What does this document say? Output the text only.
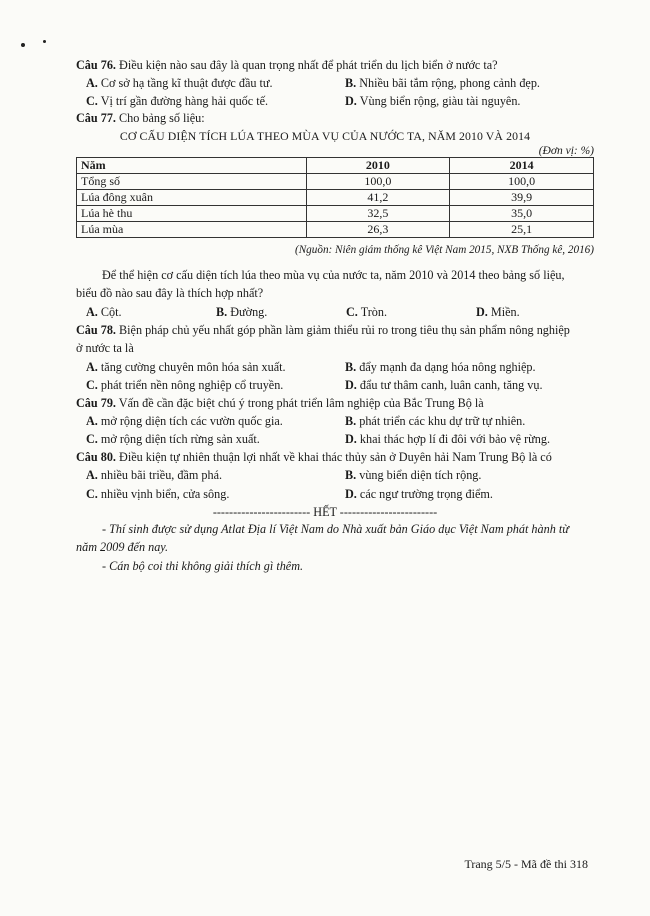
Câu 76. Điều kiện nào sau đây là quan trọng nhất để phát triển du lịch biển ở nước ta?
A. Cơ sở hạ tầng kĩ thuật được đầu tư.	B. Nhiều bãi tắm rộng, phong cảnh đẹp.
C. Vị trí gần đường hàng hải quốc tế.	D. Vùng biển rộng, giàu tài nguyên.
Câu 77. Cho bảng số liệu:
CƠ CẤU DIỆN TÍCH LÚA THEO MÙA VỤ CỦA NƯỚC TA, NĂM 2010 VÀ 2014
(Đơn vị: %)
Năm	2010	2014
Tổng số	100,0	100,0
Lúa đông xuân	41,2	39,9
Lúa hè thu	32,5	35,0
Lúa mùa	26,3	25,1
(Nguồn: Niên giám thống kê Việt Nam 2015, NXB Thống kê, 2016)
Để thể hiện cơ cấu diện tích lúa theo mùa vụ của nước ta, năm 2010 và 2014 theo bảng số liệu,
biểu đồ nào sau đây là thích hợp nhất?
A. Cột.	B. Đường.	C. Tròn.	D. Miền.
Câu 78. Biện pháp chủ yếu nhất góp phần làm giảm thiểu rủi ro trong tiêu thụ sản phẩm nông nghiệp
ở nước ta là
A. tăng cường chuyên môn hóa sản xuất.	B. đẩy mạnh đa dạng hóa nông nghiệp.
C. phát triển nền nông nghiệp cổ truyền.	D. đẩu tư thâm canh, luân canh, tăng vụ.
Câu 79. Vấn đề cần đặc biệt chú ý trong phát triển lâm nghiệp của Bắc Trung Bộ là
A. mở rộng diện tích các vườn quốc gia.	B. phát triển các khu dự trữ tự nhiên.
C. mở rộng diện tích rừng sản xuất.	D. khai thác hợp lí đi đôi với bảo vệ rừng.
Câu 80. Điều kiện tự nhiên thuận lợi nhất về khai thác thủy sản ở Duyên hải Nam Trung Bộ là có
A. nhiều bãi triều, đầm phá.	B. vùng biển diện tích rộng.
C. nhiều vịnh biển, cửa sông.	D. các ngư trường trọng điểm.
------------------------ HẾT ------------------------
- Thí sinh được sử dụng Atlat Địa lí Việt Nam do Nhà xuất bản Giáo dục Việt Nam phát hành từ
năm 2009 đến nay.
- Cán bộ coi thi không giải thích gì thêm.
Trang 5/5 - Mã đề thi 318
